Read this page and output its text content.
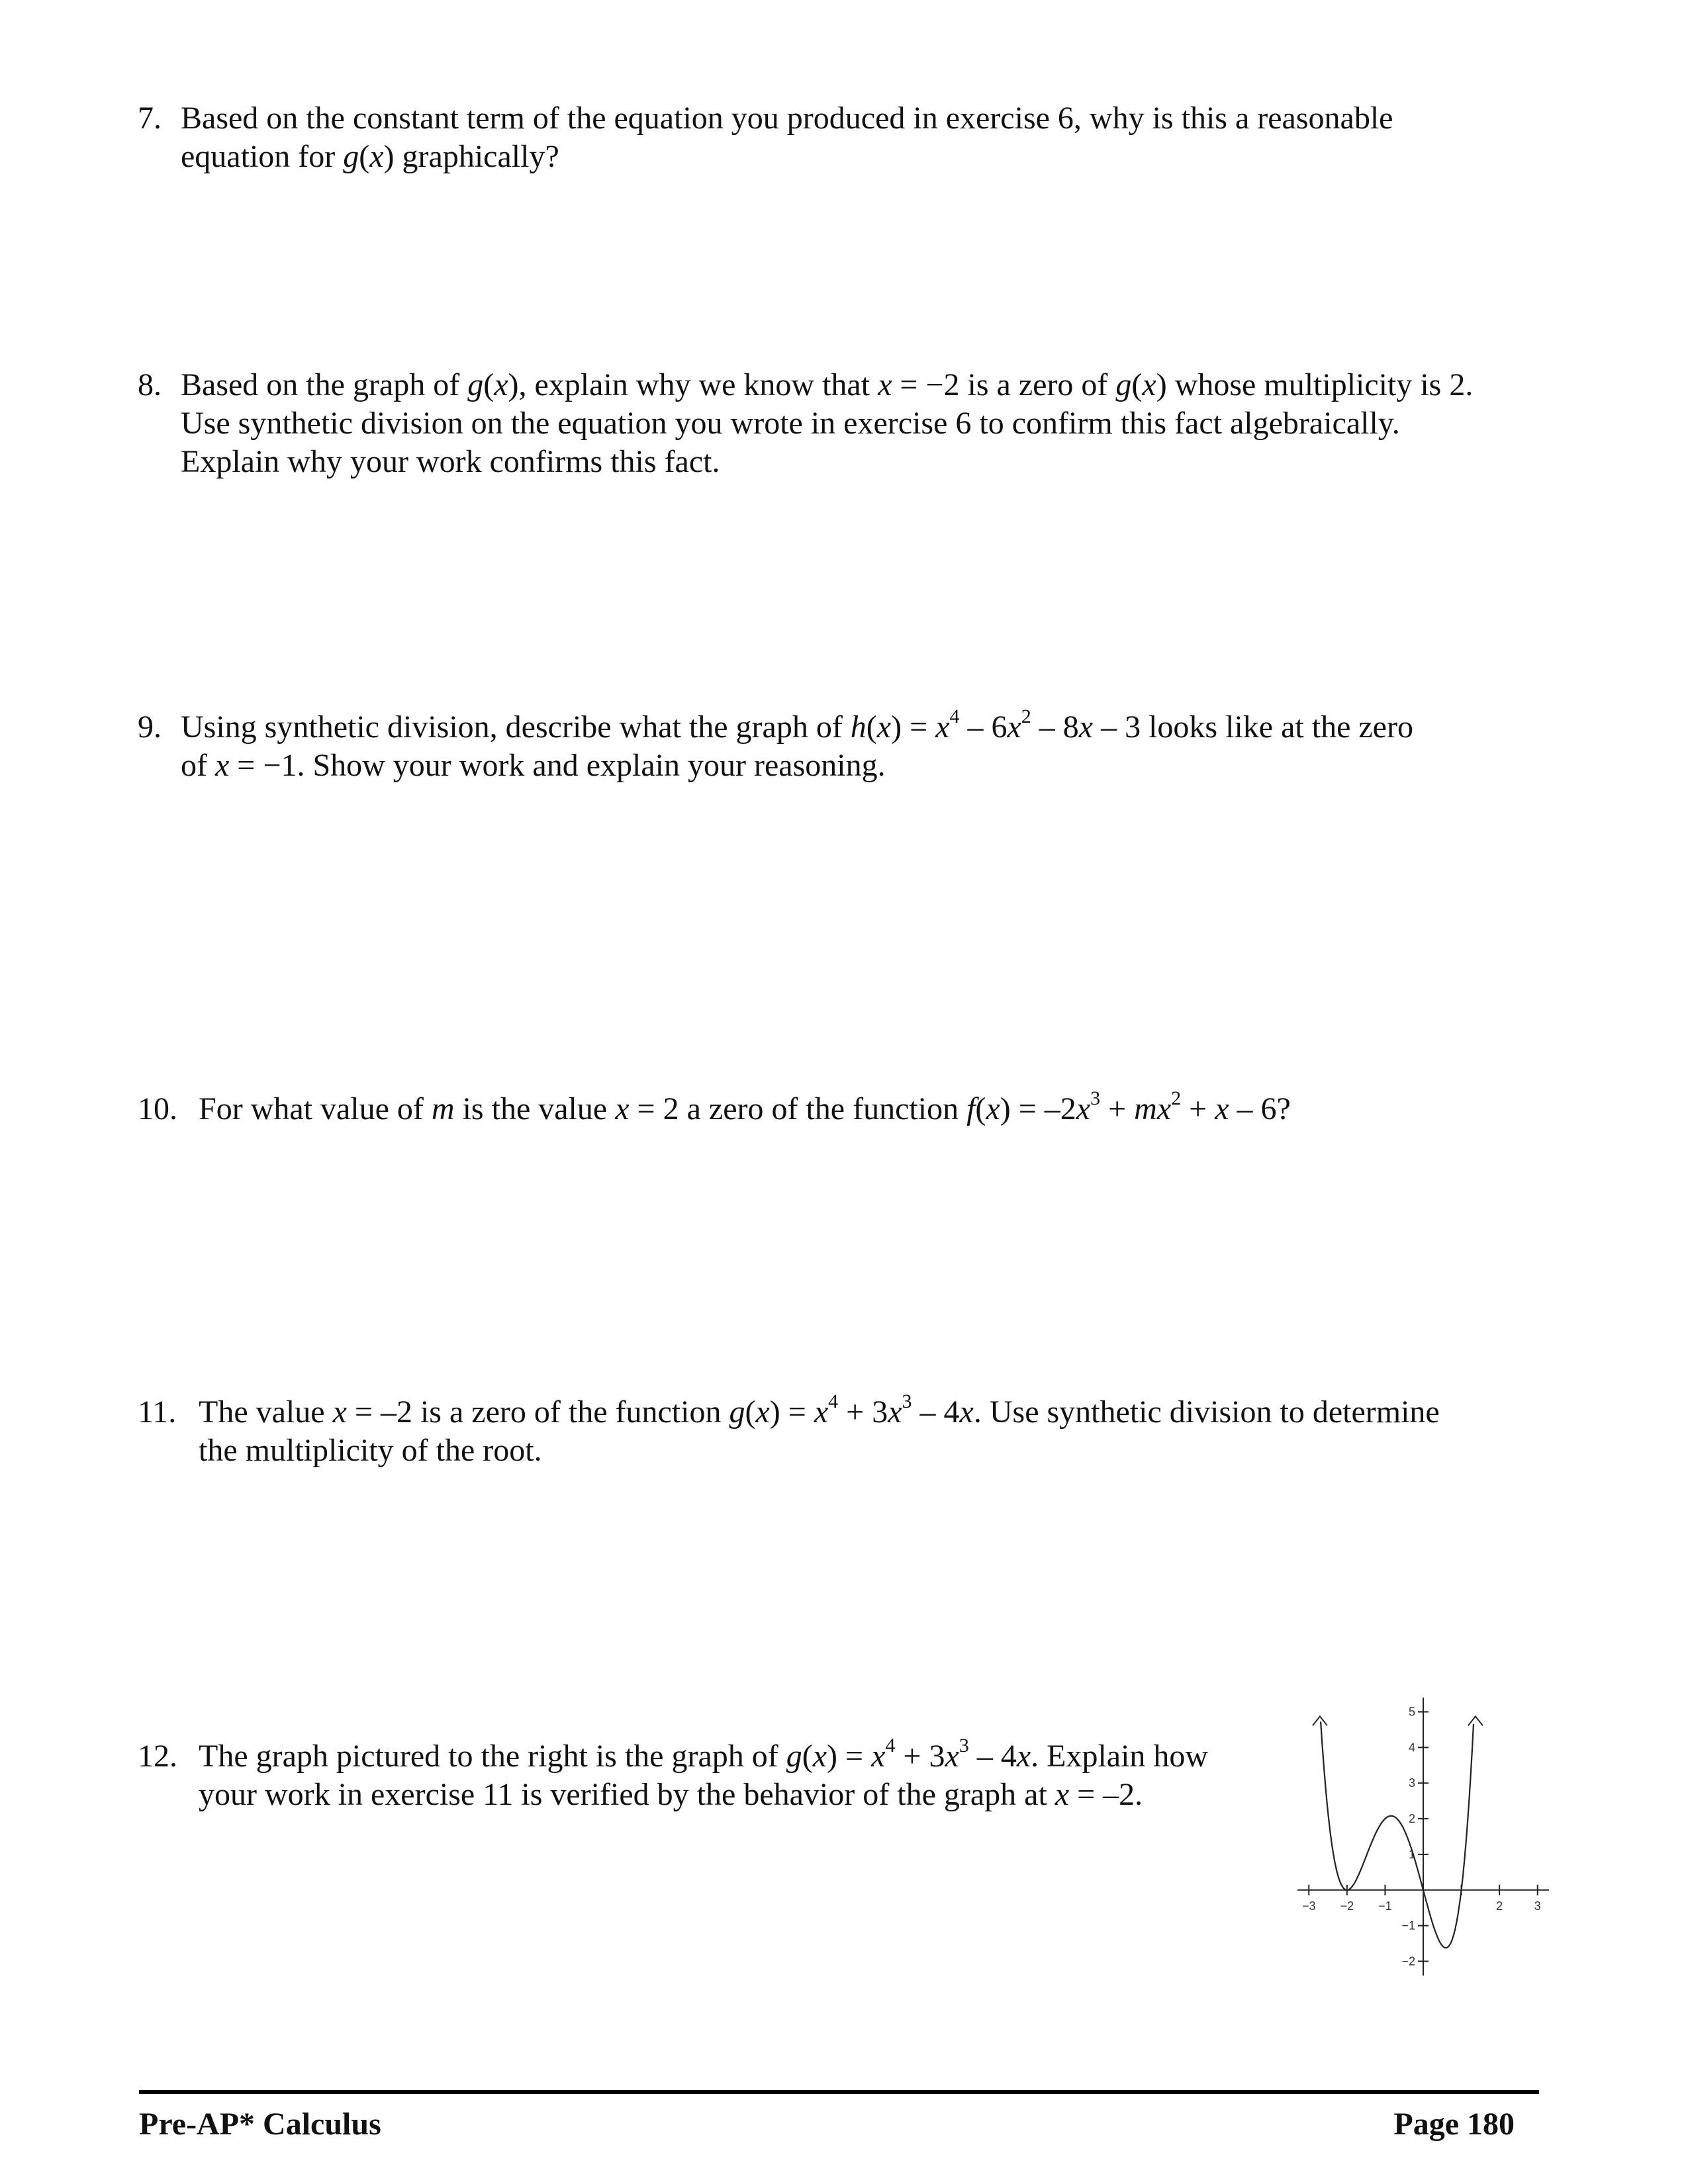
7. Based on the constant term of the equation you produced in exercise 6, why is this a reasonable
equation for g(x) graphically?
8. Based on the graph of g(x), explain why we know that x = −2 is a zero of g(x) whose multiplicity is 2.
Use synthetic division on the equation you wrote in exercise 6 to confirm this fact algebraically.
Explain why your work confirms this fact.
9. Using synthetic division, describe what the graph of $h(x) = x^4 - 6x^2 - 8x - 3$ looks like at the zero
of x = −1. Show your work and explain your reasoning.
10. For what value of m is the value x = 2 a zero of the function $f(x) = -2x^3 + mx^2 + x - 6$?
11. The value x = –2 is a zero of the function $g(x) = x^4 + 3x^3 - 4x$. Use synthetic division to determine
the multiplicity of the root.
12. The graph pictured to the right is the graph of $g(x) = x^4 + 3x^3 - 4x$. Explain how
your work in exercise 11 is verified by the behavior of the graph at x = –2.
−3 −2 −1	2	3
5
4
3
2
1
−1
−2
Pre-AP* Calculus	Page 180
